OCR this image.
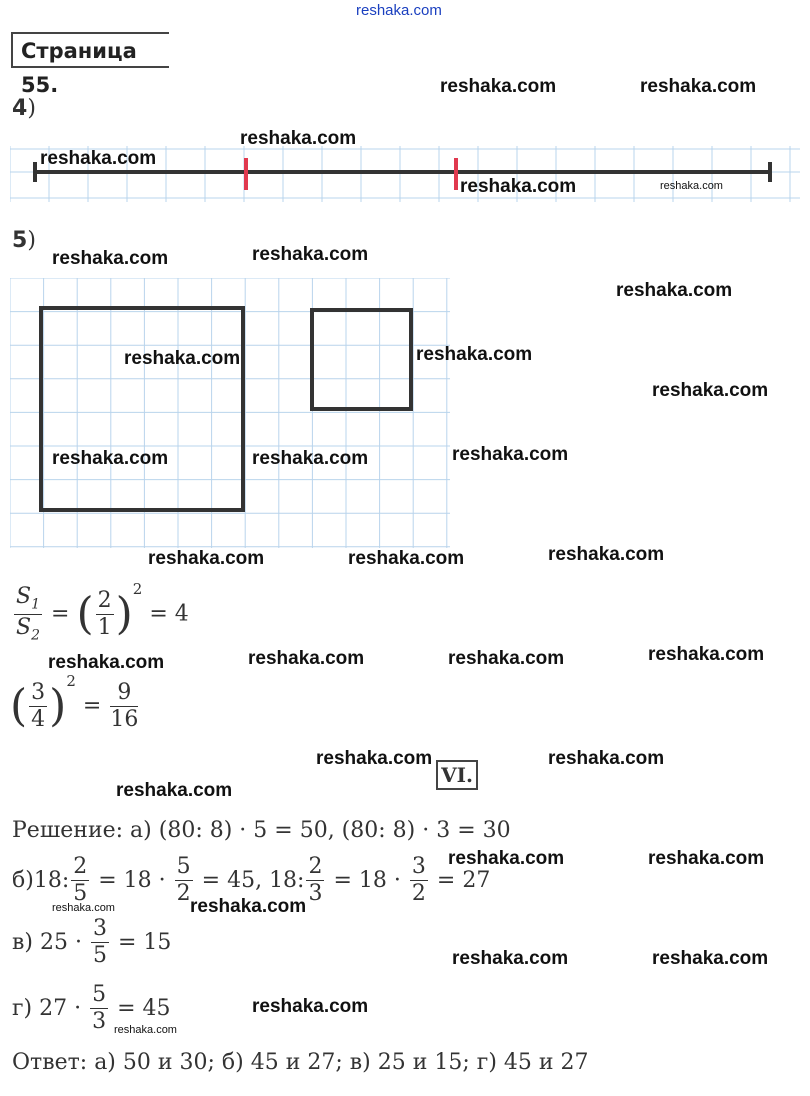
reshaka.com
Страница 55.
4)
5)
$\frac{S_1}{S_2}$ = ( $\frac{2}{1} )^2 = 4$
( $\frac{3}{4} )^2 = \frac{9}{16}$
VI.
Решение: а) (80: 8) · 5 = 50, (80: 8) · 3 = 30
б)18: $\frac{2}{5} = 18 \cdot \frac{5}{2} = 45$, 18: $\frac{2}{3} = 18 \cdot \frac{3}{2} = 27$
в) $25 \cdot \frac{3}{5} = 15$
г) $27 \cdot \frac{5}{3} = 45$
Ответ: а) 50 и 30; б) 45 и 27; в) 25 и 15; г) 45 и 27
reshaka.com	reshaka.com
reshaka.com
reshaka.com
reshaka.com	reshaka.com
reshaka.com
reshaka.com
reshaka.com
reshaka.com
reshaka.com
reshaka.com
reshaka.com
reshaka.com	reshaka.com
reshaka.com
reshaka.com	reshaka.com
reshaka.com
reshaka.com	reshaka.com
reshaka.com
reshaka.com	reshaka.com
reshaka.com
reshaka.com	reshaka.com
reshaka.com
reshaka.com
reshaka.com	reshaka.com
reshaka.com
reshaka.com
